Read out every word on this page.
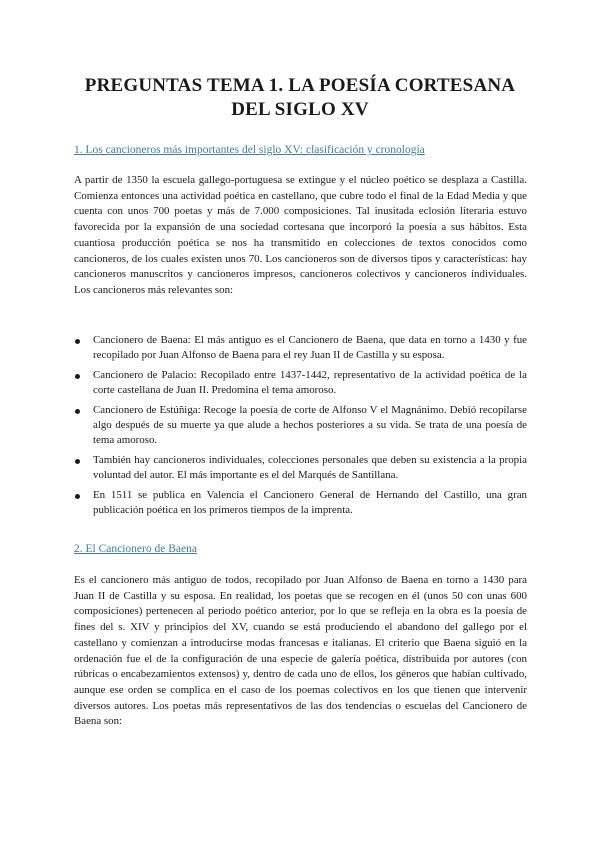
PREGUNTAS TEMA 1. LA POESÍA CORTESANA
DEL SIGLO XV
1. Los cancioneros más importantes del siglo XV: clasificación y cronología

A partir de 1350 la escuela gallego-portuguesa se extingue y el núcleo poético se desplaza a Castilla. Comienza entonces una actividad poética en castellano, que cubre todo el final de la Edad Media y que cuenta con unos 700 poetas y más de 7.000 composiciones. Tal inusitada eclosión literaria estuvo favorecida por la expansión de una sociedad cortesana que incorporó la poesía a sus hábitos. Esta cuantiosa producción poética se nos ha transmitido en colecciones de textos conocidos como cancioneros, de los cuales existen unos 70. Los cancioneros son de diversos tipos y características: hay cancioneros manuscritos y cancioneros impresos, cancioneros colectivos y cancioneros individuales. Los cancioneros más relevantes son:

Cancionero de Baena: El más antiguo es el Cancionero de Baena, que data en torno a 1430 y fue recopilado por Juan Alfonso de Baena para el rey Juan II de Castilla y su esposa.
Cancionero de Palacio: Recopilado entre 1437-1442, representativo de la actividad poética de la corte castellana de Juan II. Predomina el tema amoroso.
Cancionero de Estúñiga: Recoge la poesía de corte de Alfonso V el Magnánimo. Debió recopilarse algo después de su muerte ya que alude a hechos posteriores a su vida. Se trata de una poesía de tema amoroso.
También hay cancioneros individuales, colecciones personales que deben su existencia a la propia voluntad del autor. El más importante es el del Marqués de Santillana.
En 1511 se publica en Valencia el Cancionero General de Hernando del Castillo, una gran publicación poética en los primeros tiempos de la imprenta.
2. El Cancionero de Baena

Es el cancionero más antiguo de todos, recopilado por Juan Alfonso de Baena en torno a 1430 para Juan II de Castilla y su esposa. En realidad, los poetas que se recogen en él (unos 50 con unas 600 composiciones) pertenecen al periodo poético anterior, por lo que se refleja en la obra es la poesía de fines del s. XIV y principios del XV, cuando se está produciendo el abandono del gallego por el castellano y comienzan a introducirse modas francesas e italianas. El criterio que Baena siguió en la ordenación fue el de la configuración de una especie de galería poética, distribuida por autores (con rúbricas o encabezamientos extensos) y, dentro de cada uno de ellos, los géneros que habían cultivado, aunque ese orden se complica en el caso de los poemas colectivos en los que tienen que intervenir diversos autores. Los poetas más representativos de las dos tendencias o escuelas del Cancionero de Baena son:
